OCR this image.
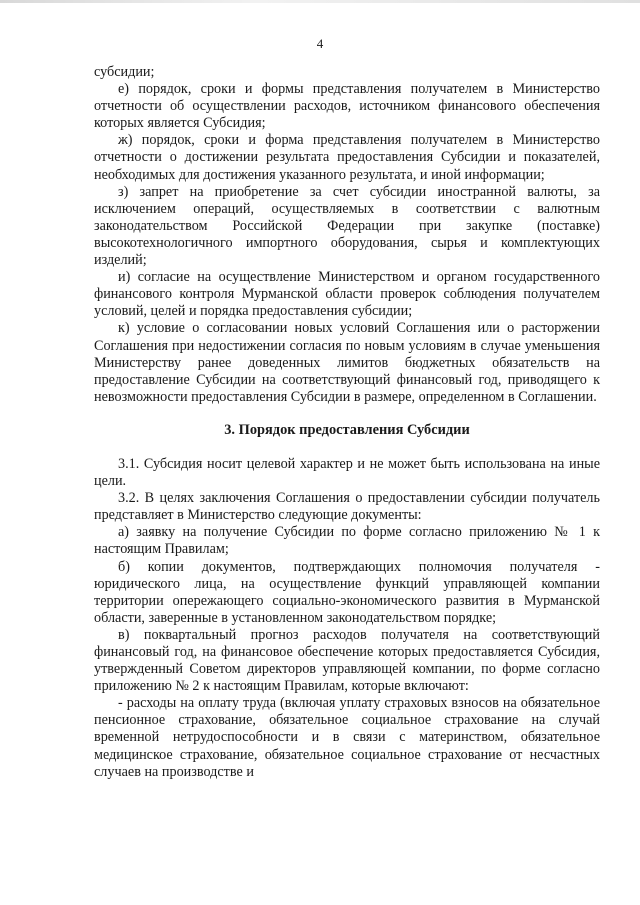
4

субсидии;

е) порядок, сроки и формы представления получателем в Министерство отчетности об осуществлении расходов, источником финансового обеспечения которых является Субсидия;

ж) порядок, сроки и форма представления получателем в Министерство отчетности о достижении результата предоставления Субсидии и показателей, необходимых для достижения указанного результата, и иной информации;

з) запрет на приобретение за счет субсидии иностранной валюты, за исключением операций, осуществляемых в соответствии с валютным законодательством Российской Федерации при закупке (поставке) высокотехнологичного импортного оборудования, сырья и комплектующих изделий;

и) согласие на осуществление Министерством и органом государственного финансового контроля Мурманской области проверок соблюдения получателем условий, целей и порядка предоставления субсидии;

к) условие о согласовании новых условий Соглашения или о расторжении Соглашения при недостижении согласия по новым условиям в случае уменьшения Министерству ранее доведенных лимитов бюджетных обязательств на предоставление Субсидии на соответствующий финансовый год, приводящего к невозможности предоставления Субсидии в размере, определенном в Соглашении.

3. Порядок предоставления Субсидии

3.1. Субсидия носит целевой характер и не может быть использована на иные цели.

3.2. В целях заключения Соглашения о предоставлении субсидии получатель представляет в Министерство следующие документы:

а) заявку на получение Субсидии по форме согласно приложению № 1 к настоящим Правилам;

б) копии документов, подтверждающих полномочия получателя - юридического лица, на осуществление функций управляющей компании территории опережающего социально-экономического развития в Мурманской области, заверенные в установленном законодательством порядке;

в) поквартальный прогноз расходов получателя на соответствующий финансовый год, на финансовое обеспечение которых предоставляется Субсидия, утвержденный Советом директоров управляющей компании, по форме согласно приложению № 2 к настоящим Правилам, которые включают:

- расходы на оплату труда (включая уплату страховых взносов на обязательное пенсионное страхование, обязательное социальное страхование на случай временной нетрудоспособности и в связи с материнством, обязательное медицинское страхование, обязательное социальное страхование от несчастных случаев на производстве и
